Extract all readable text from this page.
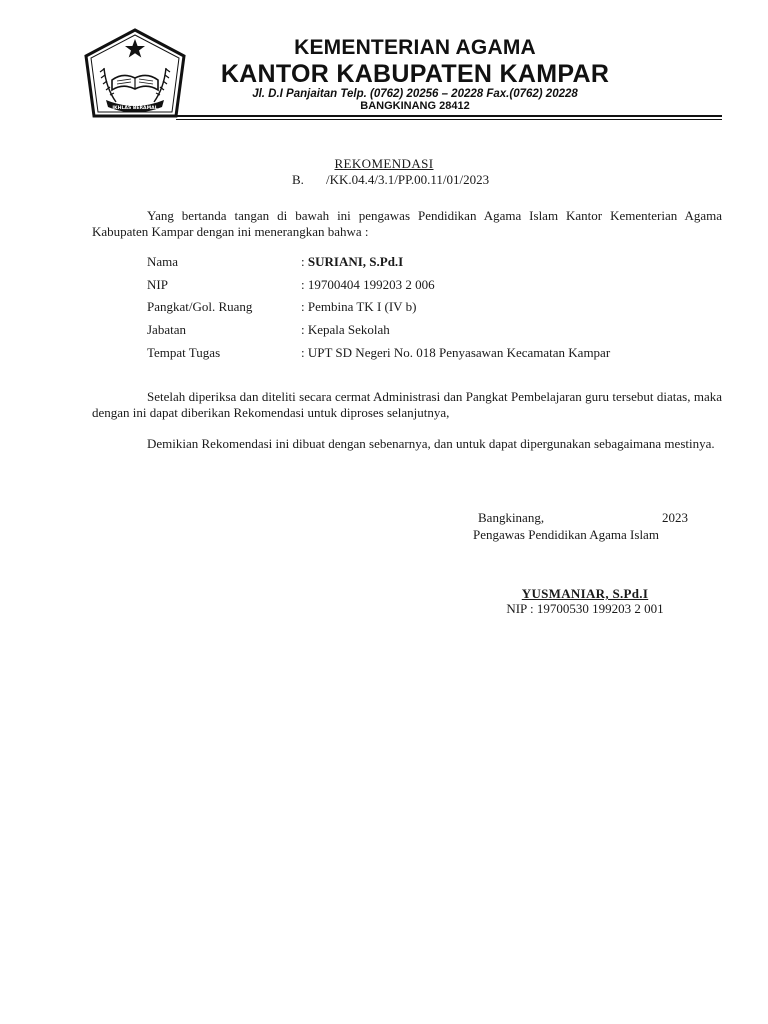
IKHLAS BERAMAL
KEMENTERIAN AGAMA
KANTOR KABUPATEN KAMPAR
Jl. D.I Panjaitan Telp. (0762) 20256 – 20228 Fax.(0762) 20228
BANGKINANG 28412
REKOMENDASI
B. /KK.04.4/3.1/PP.00.11/01/2023

Yang bertanda tangan di bawah ini pengawas Pendidikan Agama Islam Kantor Kementerian Agama Kabupaten Kampar dengan ini menerangkan bahwa :

Nama	: SURIANI, S.Pd.I
NIP	: 19700404 199203 2 006
Pangkat/Gol. Ruang	: Pembina TK I (IV b)
Jabatan	: Kepala Sekolah
Tempat Tugas	: UPT SD Negeri No. 018 Penyasawan Kecamatan Kampar

Setelah diperiksa dan diteliti secara cermat Administrasi dan Pangkat Pembelajaran guru tersebut diatas, maka dengan ini dapat diberikan Rekomendasi untuk diproses selanjutnya,

Demikian Rekomendasi ini dibuat dengan sebenarnya, dan untuk dapat dipergunakan sebagaimana mestinya.

Bangkinang,	2023
Pengawas Pendidikan Agama Islam
YUSMANIAR, S.Pd.I
NIP : 19700530 199203 2 001
